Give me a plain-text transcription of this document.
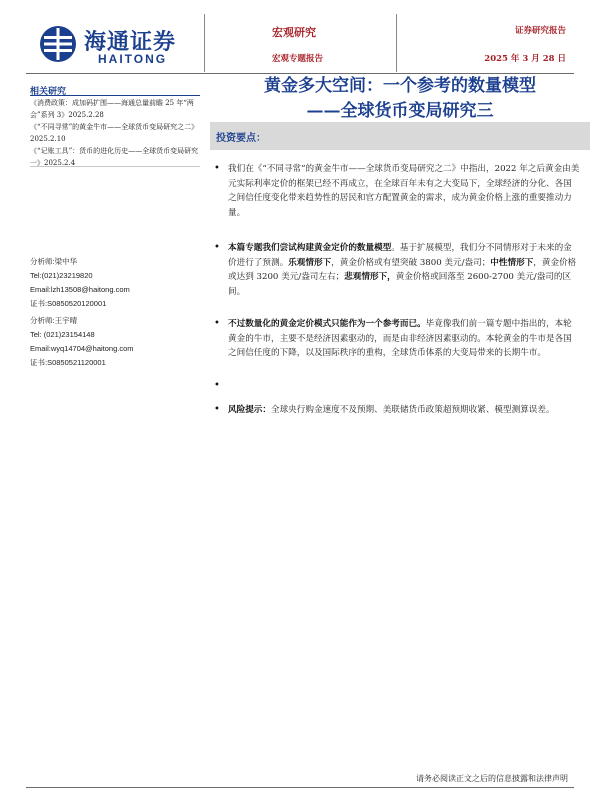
海通证券
HAITONG
宏观研究
宏观专题报告
证券研究报告
2025 年 3 月 28 日
相关研究
《消费政策：成加码扩围——海通总量前瞻 25 年“两会”系列 3》2025.2.28
《“不同寻常”的黄金牛市——全球货币变局研究之二》2025.2.10
《“记账工具”：货币的进化历史——全球货币变局研究一》2025.2.4

分析师:梁中华

Tel:(021)23219820

Email:lzh13508@haitong.com

证书:S0850520120001

分析师:王宇晴

Tel: (021)23154148

Email:wyq14704@haitong.com

证书:S0850521120001

黄金多大空间：一个参考的数量模型
——全球货币变局研究三
投资要点：
• 我们在《“不同寻常”的黄金牛市——全球货币变局研究之二》中指出，2022 年之后黄金由美元实际利率定价的框架已经不再成立，在全球百年未有之大变局下，全球经济的分化、各国之间信任度变化带来趋势性的居民和官方配置黄金的需求，成为黄金价格上涨的重要推动力量。
• 本篇专题我们尝试构建黄金定价的数量模型。基于扩展模型，我们分不同情形对于未来的金价进行了预测。乐观情形下，黄金价格或有望突破 3800 美元/盎司；中性情形下，黄金价格或达到 3200 美元/盎司左右；悲观情形下，黄金价格或回落至 2600-2700 美元/盎司的区间。
• 不过数量化的黄金定价模式只能作为一个参考而已。毕竟像我们前一篇专题中指出的，本轮黄金的牛市，主要不是经济因素驱动的，而是由非经济因素驱动的。本轮黄金的牛市是各国之间信任度的下降，以及国际秩序的重构，全球货币体系的大变局带来的长期牛市。
•
• 风险提示：全球央行购金速度不及预期、美联储货币政策超预期收紧、模型测算误差。
请务必阅读正文之后的信息披露和法律声明
